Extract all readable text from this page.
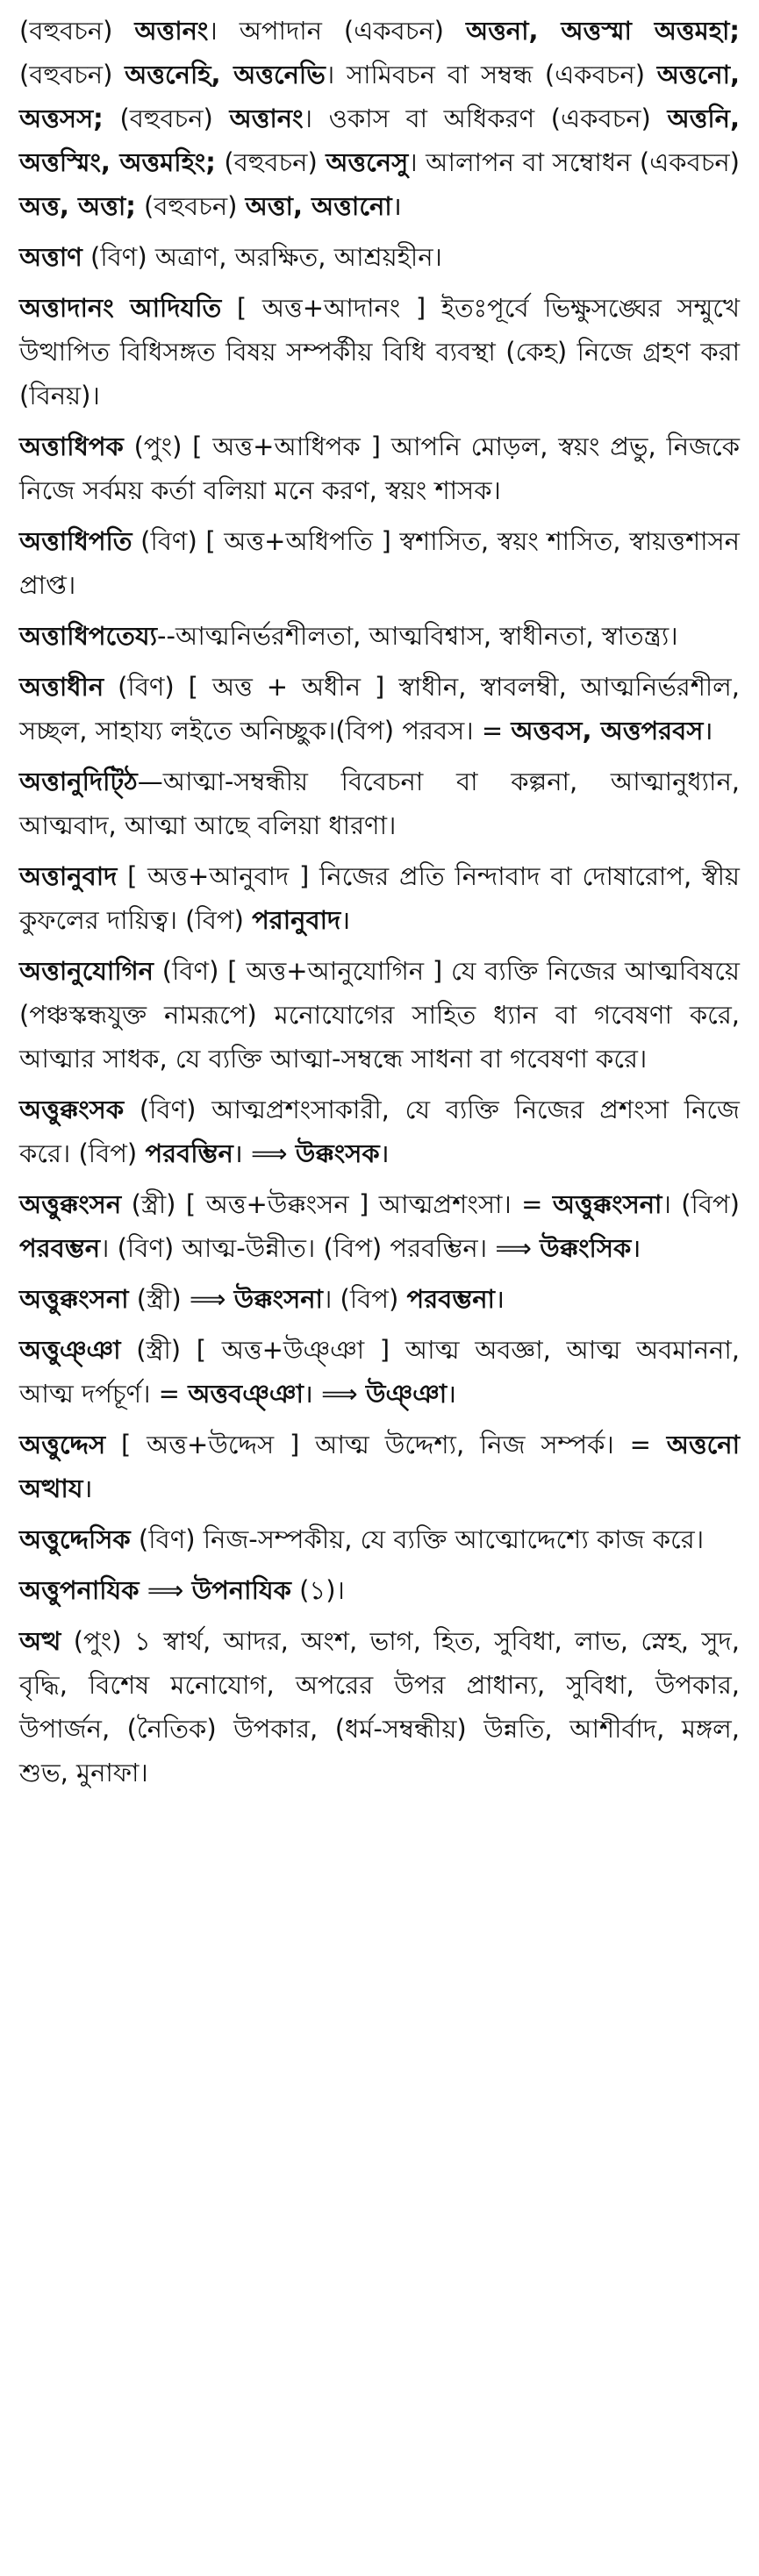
(বহুবচন) অত্তানং। অপাদান (একবচন) অত্তনা, অত্তস্মা অত্তমহা; (বহুবচন) অত্তনেহি, অত্তনেভি। সামিবচন বা সম্বন্ধ (একবচন) অত্তনো, অত্তসস; (বহুবচন) অত্তানং। ওকাস বা অধিকরণ (একবচন) অত্তনি, অত্তস্মিং, অত্তমহিং; (বহুবচন) অত্তনেসু। আলাপন বা সম্বোধন (একবচন) অত্ত, অত্তা; (বহুবচন) অত্তা, অত্তানো।

অত্তাণ (বিণ) অত্রাণ, অরক্ষিত, আশ্রয়হীন।

অত্তাদানং আদিযতি [ অত্ত+আদানং ] ইতঃপূর্বে ভিক্ষুসঙ্ঘের সম্মুখে উত্থাপিত বিধিসঙ্গত বিষয় সম্পর্কীয় বিধি ব্যবস্থা (কেহ) নিজে গ্রহণ করা (বিনয়)।

অত্তাধিপক (পুং) [ অত্ত+আধিপক ] আপনি মোড়ল, স্বয়ং প্রভু, নিজকে নিজে সর্বময় কর্তা বলিয়া মনে করণ, স্বয়ং শাসক।

অত্তাধিপতি (বিণ) [ অত্ত+অধিপতি ] স্বশাসিত, স্বয়ং শাসিত, স্বায়ত্তশাসন প্রাপ্ত।

অত্তাধিপতেয্য--আত্মনির্ভরশীলতা, আত্মবিশ্বাস, স্বাধীনতা, স্বাতন্ত্র্য।

অত্তাধীন (বিণ) [ অত্ত + অধীন ] স্বাধীন, স্বাবলম্বী, আত্মনির্ভরশীল, সচ্ছল, সাহায্য লইতে অনিচ্ছুক।(বিপ) পরবস। = অত্তবস, অত্তপরবস।

অত্তানুদিট্ঠি—আত্মা-সম্বন্ধীয় বিবেচনা বা কল্পনা, আত্মানুধ্যান, আত্মবাদ, আত্মা আছে বলিয়া ধারণা।

অত্তানুবাদ [ অত্ত+আনুবাদ ] নিজের প্রতি নিন্দাবাদ বা দোষারোপ, স্বীয় কুফলের দায়িত্ব। (বিপ) পরানুবাদ।

অত্তানুযোগিন (বিণ) [ অত্ত+আনুযোগিন ] যে ব্যক্তি নিজের আত্মবিষয়ে (পঞ্চস্কন্ধযুক্ত নামরূপে) মনোযোগের সাহিত ধ্যান বা গবেষণা করে, আত্মার সাধক, যে ব্যক্তি আত্মা-সম্বন্ধে সাধনা বা গবেষণা করে।

অত্তুক্কংসক (বিণ) আত্মপ্রশংসাকারী, যে ব্যক্তি নিজের প্রশংসা নিজে করে। (বিপ) পরবম্ভিন। ⟹ উক্কংসক।

অত্তুক্কংসন (স্ত্রী) [ অত্ত+উক্কংসন ] আত্মপ্রশংসা। = অত্তুক্কংসনা। (বিপ) পরবম্ভন। (বিণ) আত্ম-উন্নীত। (বিপ) পরবম্ভিন। ⟹ উক্কংসিক।

অত্তুক্কংসনা (স্ত্রী) ⟹ উক্কংসনা। (বিপ) পরবম্ভনা।

অত্তুঞ্ঞা (স্ত্রী) [ অত্ত+উঞ্ঞা ] আত্ম অবজ্ঞা, আত্ম অবমাননা, আত্ম দর্পচূর্ণ। = অত্তবঞ্ঞা। ⟹ উঞ্ঞা।

অত্তুদ্দেস [ অত্ত+উদ্দেস ] আত্ম উদ্দেশ্য, নিজ সম্পর্ক। = অত্তনো অত্থায।

অত্তুদ্দেসিক (বিণ) নিজ-সম্পকীয়, যে ব্যক্তি আত্মোদ্দেশ্যে কাজ করে।

অত্তুপনাযিক ⟹ উপনাযিক (১)।

অত্থ (পুং) ১ স্বার্থ, আদর, অংশ, ভাগ, হিত, সুবিধা, লাভ, স্নেহ, সুদ, বৃদ্ধি, বিশেষ মনোযোগ, অপরের উপর প্রাধান্য, সুবিধা, উপকার, উপার্জন, (নৈতিক) উপকার, (ধর্ম-সম্বন্ধীয়) উন্নতি, আশীর্বাদ, মঙ্গল, শুভ, মুনাফা।
